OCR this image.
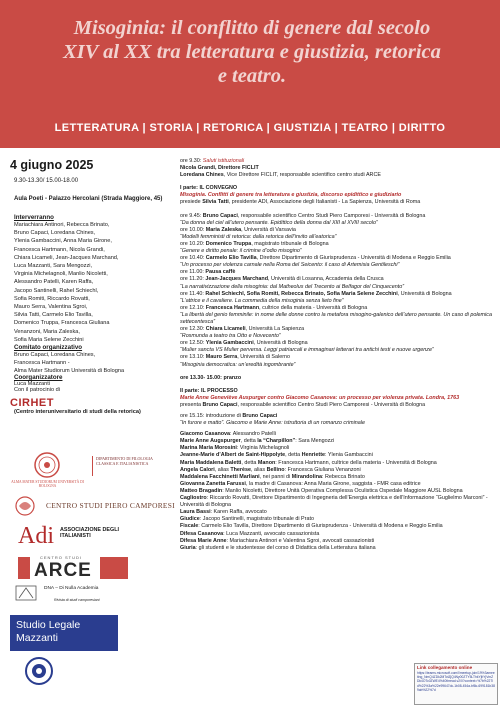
Misoginia: il conflitto di genere dal secolo XIV al XX tra letteratura e giustizia, retorica e teatro.
LETTERATURA | STORIA | RETORICA | GIUSTIZIA | TEATRO | DIRITTO
4 giugno 2025
9.30-13.30/ 15.00-18.00
Aula Poeti - Palazzo Hercolani (Strada Maggiore, 45)
Interverranno
Mariachiara Antinori, Rebecca Brinato,
Bruno Capaci, Loredana Chines,
Ylenia Gambaccini, Anna Maria Girone,
Francesca Hartmann, Nicola Grandi,
Chiara Licameli, Jean-Jacques Marchand,
Luca Mazzanti, Sara Mengozzi,
Virginia Michelagnoli, Manlio Nicoletti,
Alessandro Patelli, Karen Raffa,
Jacopo Santinelli, Rahel Schiechl,
Sofia Romiti, Riccardo Rovatti,
Mauro Serra, Valentina Sgroi,
Silvia Tatti, Carmelo Elio Tavilla,
Domenico Truppa, Francesca Giuliana
Venanzoni, Maria Zaleska,
Sofia Maria Selene Zecchini
Comitato organizzativo
Bruno Capaci, Loredana Chines,
Francesca Hartmann -
Alma Mater Studiorum Università di Bologna
Coorganizzatore
Luca Mazzanti
Con il patrocinio di
CIRHET
(Centro interuniversitario di studi della retorica)
ALMA MATER STUDIORUM UNIVERSITÀ DI BOLOGNA
DIPARTIMENTO DI FILOLOGIA CLASSICA E ITALIANISTICA
CENTRO STUDI PIERO CAMPORESI
Adi ASSOCIAZIONE DEGLI ITALIANISTI
CENTRO STUDI
ARCE
DNA – Di Nulla Academia
Rivista di studi camporesiani
Studio Legale Mazzanti
ore 9.30: Saluti istituzionali
Nicola Grandi, Direttore FICLIT
Loredana Chines, Vice Direttore FICLIT, responsabile scientifico centro studi ARCE
I parte: IL CONVEGNO
Misoginia. Conflitti di genere tra letteratura e giustizia, discorso epidittico e giudiziario
presiede Silvia Tatti, presidente ADI, Associazione degli Italianisti - La Sapienza, Università di Roma
ore 9.45: Bruno Capaci, responsabile scientifico Centro Studi Piero Camporesi - Università di Bologna
“Da donna del ciel all’utero pensante. Epidittico della donna dal XIII al XVIII secolo”
ore 10.00: Maria Zaleska, Università di Varsavia
“Modelli femministi di retorica: dalla retorica dell’invito all’eatorica”
ore 10.20: Domenico Truppa, magistrato tribunale di Bologna
“Genere e diritto penale: il crimine d’odio misogino”
ore 10.40: Carmelo Elio Tavilla, Direttore Dipartimento di Giurisprudenza - Università di Modena e Reggio Emilia
“Un processo per violenza carnale nella Roma del Seicento: il caso di Artemisia Gentileschi”
ore 11.00: Pausa caffè
ore 11.20: Jean-Jacques Marchand, Università di Losanna, Accademia della Crusca
“La narrativizzazione della misoginia: dal Matheolus del Trecento ai Belfagor del Cinquecento”
ore 11.40: Rahel Schiechl, Sofia Romiti, Rebecca Brinato, Sofia Maria Selene Zecchini, Università di Bologna
“L’attrice e il cavaliere. La commedia della misoginia senza lieto fine”
ore 12.10: Francesca Hartmann, cultrice della materia - Università di Bologna
“La libertà del genio femminile: in nome delle donne contro la metafora misogino-galenico dell’utero pensante. Un caso di polemica settecentesca”
ore 12.30: Chiara Licameli, Università La Sapienza
“Rosmunda a teatro tra Otto e Novecento”
ore 12.50: Ylenia Gambaccini, Università di Bologna
“Mulier sancta VS Mulier perversa. Leggi patriarcali e immaginari letterari tra antichi testi e nuove urgenze”
ore 13.10: Mauro Serra, Università di Salerno
“Misoginia democratica: un’eredità ingombrante”
ore 13.30- 15.00: pranzo
II parte: IL PROCESSO
Marie Anne Geneviève Auspurger contro Giacomo Casanova: un processo per violenza privata. Londra, 1763
presenta Bruno Capaci, responsabile scientifico Centro Studi Piero Camporesi - Università di Bologna
ore 15.15: introduzione di Bruno Capaci
“In furore e matto”. Giacomo e Marie Anne: istruttoria di un romanzo criminale
Giacomo Casanova: Alessandro Patelli
Marie Anne Augspurger, detta la “Charpillon”: Sara Mengozzi
Marina Maria Morosini: Virginia Michelagnoli
Jeanne-Marie d’Albert de Saint-Hippolyte, detta Henriette: Ylenia Gambaccini
Maria Maddalena Baletti, detta Manon: Francesca Hartmann, cultrice della materia - Università di Bologna
Angela Calori, alias Therèse, alias Bellino: Francesca Giuliana Venanzoni
Maddalena Facchinetti Marliani, nei panni di Mirandolina: Rebecca Brinato
Giovanna Zanetta Farussi, la madre di Casanova: Anna Maria Girone, saggista - FMR casa editrice
Matteo Bragadin: Manlio Nicoletti, Direttore Unità Operativa Complessa Oculistica Ospedale Maggiore AUSL Bologna
Cagliostro: Riccardo Rovatti, Direttore Dipartimento di Ingegneria dell’Energia elettrica e dell’Informazione “Guglielmo Marconi” - Università di Bologna
Laura Bassi: Karen Raffa, avvocato
Giudice: Jacopo Santinelli, magistrato tribunale di Prato
Fiscale: Carmelo Elio Tavilla, Direttore Dipartimento di Giurisprudenza - Università di Modena e Reggio Emilia
Difesa Casanova: Luca Mazzanti, avvocato cassazionista
Difesa Marie Anne: Mariachiara Antinori e Valentina Sgroi, avvocati cassazionisti
Giuria: gli studenti e le studentesse del corso di Didattica della Letteratura italiana
Link collegamento online
https://teams.microsoft.com/l/meetup-join/19%3ameeting_NmQ4ZDk2MTctZjQ4Ny00ZTY5LThkYjItYjVmZDk4OTc0ZWE4%40thread.v2/0?context=%7b%22Tid%22%3a%22e99647dc-1b08-454a-bf8c-699181b389ab%22%7d
